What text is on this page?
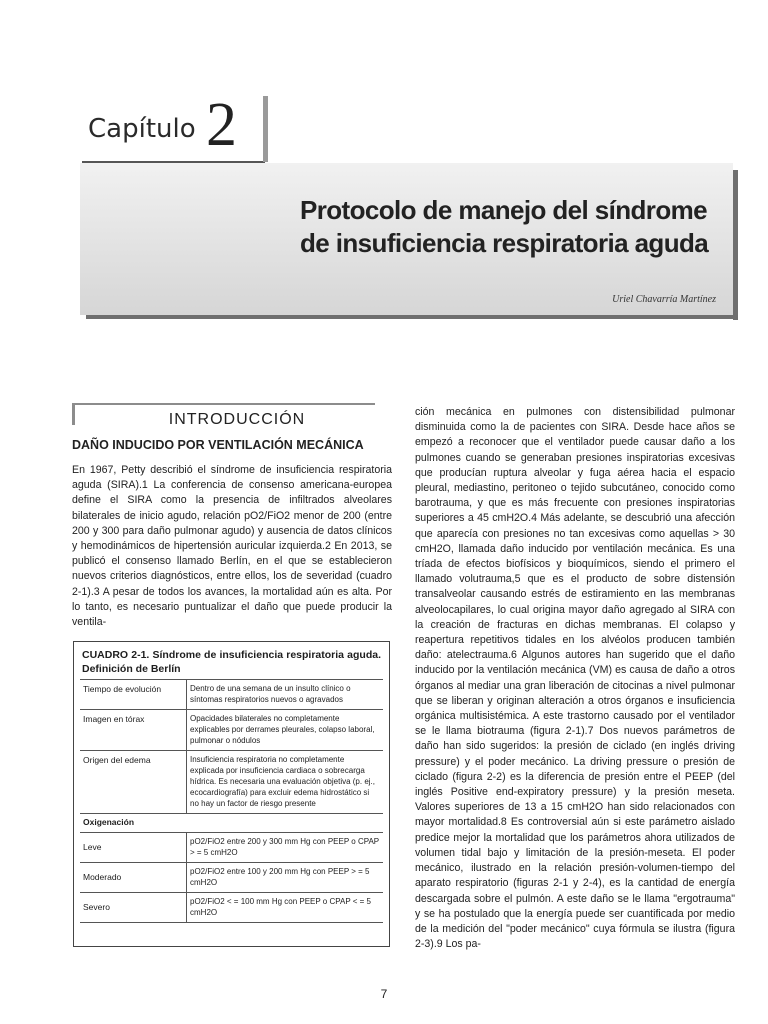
Capítulo 2
Protocolo de manejo del síndrome
de insuficiencia respiratoria aguda
Uriel Chavarría Martínez
INTRODUCCIÓN
DAÑO INDUCIDO POR VENTILACIÓN MECÁNICA

En 1967, Petty describió el síndrome de insuficiencia respiratoria aguda (SIRA).1 La conferencia de consenso americana-europea define el SIRA como la presencia de infiltrados alveolares bilaterales de inicio agudo, relación pO2/FiO2 menor de 200 (entre 200 y 300 para daño pulmonar agudo) y ausencia de datos clínicos y hemodinámicos de hipertensión auricular izquierda.2 En 2013, se publicó el consenso llamado Berlín, en el que se establecieron nuevos criterios diagnósticos, entre ellos, los de severidad (cuadro 2-1).3 A pesar de todos los avances, la mortalidad aún es alta. Por lo tanto, es necesario puntualizar el daño que puede producir la ventila-

CUADRO 2-1. Síndrome de insuficiencia respiratoria aguda. Definición de Berlín
Tiempo de evolución	Dentro de una semana de un insulto clínico o síntomas respiratorios nuevos o agravados
Imagen en tórax	Opacidades bilaterales no completamente explicables por derrames pleurales, colapso laboral, pulmonar o nódulos
Origen del edema	Insuficiencia respiratoria no completamente explicada por insuficiencia cardiaca o sobrecarga hídrica. Es necesaria una evaluación objetiva (p. ej., ecocardiografía) para excluir edema hidrostático si no hay un factor de riesgo presente
Oxigenación	
Leve	pO2/FiO2 entre 200 y 300 mm Hg con PEEP o CPAP > = 5 cmH2O
Moderado	pO2/FiO2 entre 100 y 200 mm Hg con PEEP > = 5 cmH2O
Severo	pO2/FiO2 < = 100 mm Hg con PEEP o CPAP < = 5 cmH2O

ción mecánica en pulmones con distensibilidad pulmonar disminuida como la de pacientes con SIRA. Desde hace años se empezó a reconocer que el ventilador puede causar daño a los pulmones cuando se generaban presiones inspiratorias excesivas que producían ruptura alveolar y fuga aérea hacia el espacio pleural, mediastino, peritoneo o tejido subcutáneo, conocido como barotrauma, y que es más frecuente con presiones inspiratorias superiores a 45 cmH2O.4 Más adelante, se descubrió una afección que aparecía con presiones no tan excesivas como aquellas > 30 cmH2O, llamada daño inducido por ventilación mecánica. Es una tríada de efectos biofísicos y bioquímicos, siendo el primero el llamado volutrauma,5 que es el producto de sobre distensión transalveolar causando estrés de estiramiento en las membranas alveolocapilares, lo cual origina mayor daño agregado al SIRA con la creación de fracturas en dichas membranas. El colapso y reapertura repetitivos tidales en los alvéolos producen también daño: atelectrauma.6 Algunos autores han sugerido que el daño inducido por la ventilación mecánica (VM) es causa de daño a otros órganos al mediar una gran liberación de citocinas a nivel pulmonar que se liberan y originan alteración a otros órganos e insuficiencia orgánica multisistémica. A este trastorno causado por el ventilador se le llama biotrauma (figura 2-1).7 Dos nuevos parámetros de daño han sido sugeridos: la presión de ciclado (en inglés driving pressure) y el poder mecánico. La driving pressure o presión de ciclado (figura 2-2) es la diferencia de presión entre el PEEP (del inglés Positive end-expiratory pressure) y la presión meseta. Valores superiores de 13 a 15 cmH2O han sido relacionados con mayor mortalidad.8 Es controversial aún si este parámetro aislado predice mejor la mortalidad que los parámetros ahora utilizados de volumen tidal bajo y limitación de la presión-meseta. El poder mecánico, ilustrado en la relación presión-volumen-tiempo del aparato respiratorio (figuras 2-1 y 2-4), es la cantidad de energía descargada sobre el pulmón. A este daño se le llama "ergotrauma" y se ha postulado que la energía puede ser cuantificada por medio de la medición del "poder mecánico" cuya fórmula se ilustra (figura 2-3).9 Los pa-

7
